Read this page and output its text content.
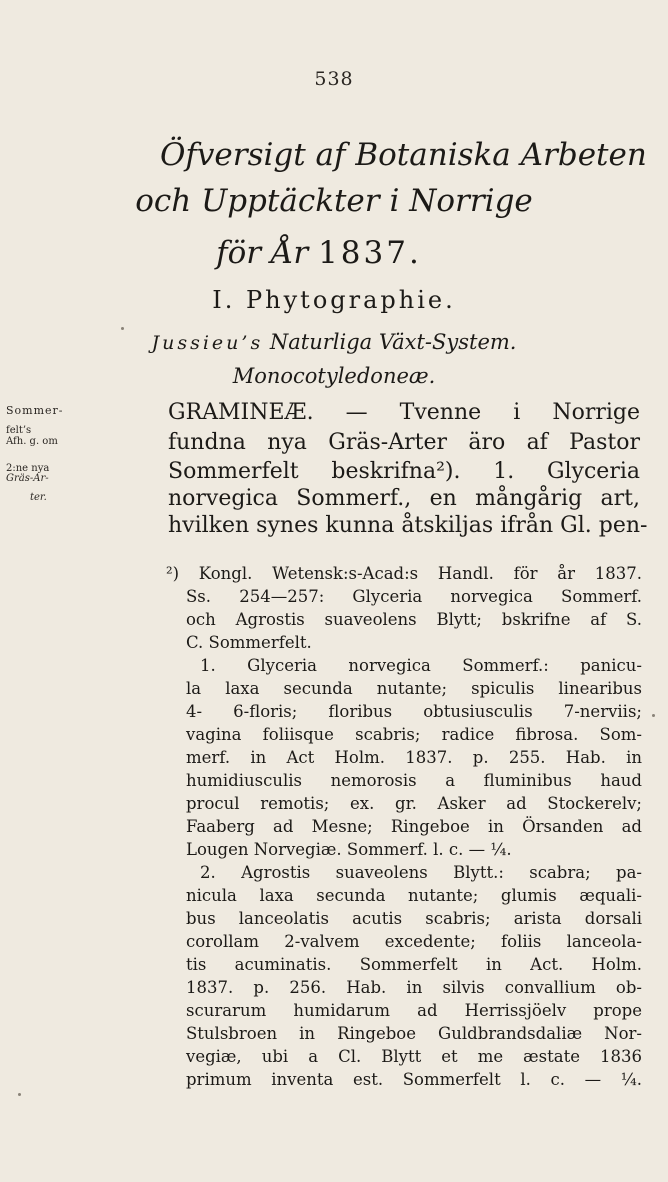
538
Öfversigt af Botaniska Arbeten
och Upptäckter i Norrige
för År 1837.
I. Phytographie.
Jussieu’s Naturliga Växt-System.
Monocotyledoneæ.
Sommer-
felt’s
Afh. g. om
2:ne nya
Gräs-Ar-
ter.
GRAMINEÆ. — Tvenne i Norrige
fundna nya Gräs-Arter äro af Pastor
Sommerfelt beskrifna²). 1. Glyceria
norvegica Sommerf., en mångårig art,
hvilken synes kunna åtskiljas ifrån Gl. pen-
²) Kongl. Wetensk:s-Acad:s Handl. för år 1837.
Ss. 254—257: Glyceria norvegica Sommerf.
och Agrostis suaveolens Blytt; bskrifne af S.
C. Sommerfelt.
1. Glyceria norvegica Sommerf.: panicu-
la laxa secunda nutante; spiculis linearibus
4- 6-floris; floribus obtusiusculis 7-nerviis;
vagina foliisque scabris; radice fibrosa. Som-
merf. in Act Holm. 1837. p. 255. Hab. in
humidiusculis nemorosis a fluminibus haud
procul remotis; ex. gr. Asker ad Stockerelv;
Faaberg ad Mesne; Ringeboe in Örsanden ad
Lougen Norvegiæ. Sommerf. l. c. — ¼.
2. Agrostis suaveolens Blytt.: scabra; pa-
nicula laxa secunda nutante; glumis æquali-
bus lanceolatis acutis scabris; arista dorsali
corollam 2-valvem excedente; foliis lanceola-
tis acuminatis. Sommerfelt in Act. Holm.
1837. p. 256. Hab. in silvis convallium ob-
scurarum humidarum ad Herrissjöelv prope
Stulsbroen in Ringeboe Guldbrandsdaliæ Nor-
vegiæ, ubi a Cl. Blytt et me æstate 1836
primum inventa est. Sommerfelt l. c. — ¼.
